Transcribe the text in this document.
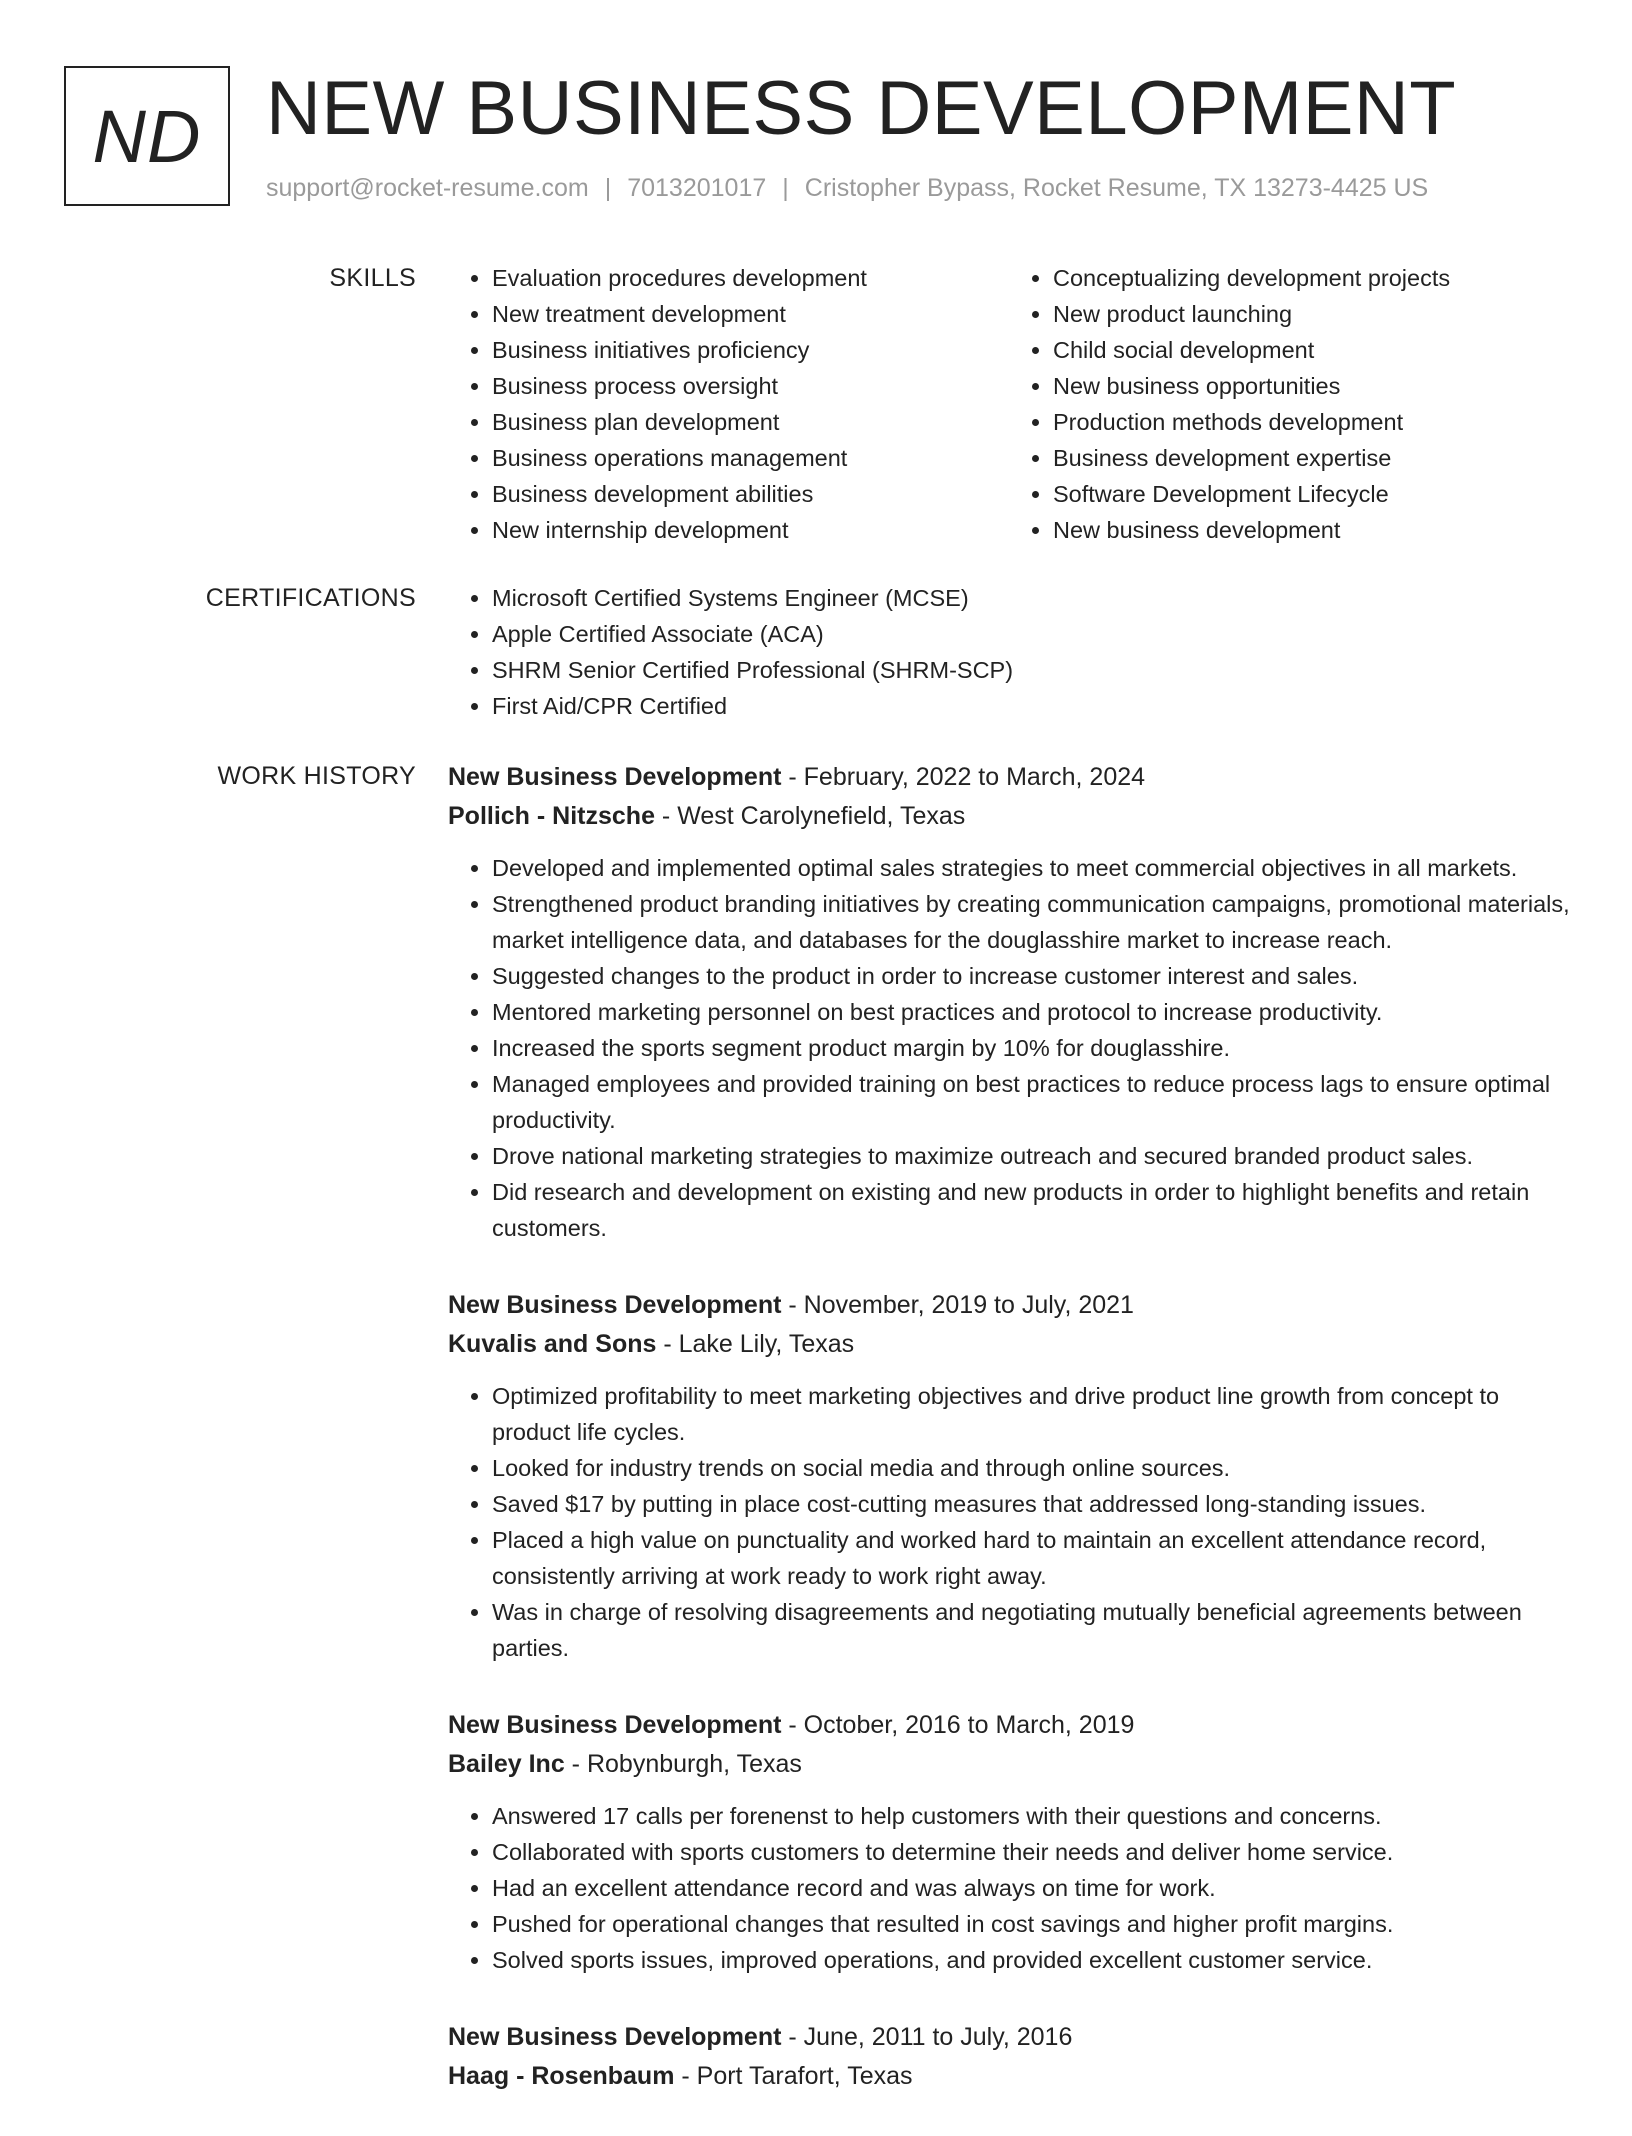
ND NEW BUSINESS DEVELOPMENT
support@rocket-resume.com | 7013201017 | Cristopher Bypass, Rocket Resume, TX 13273-4425 US
SKILLS	• Evaluation procedures development
• New treatment development
• Business initiatives proficiency
• Business process oversight
• Business plan development
• Business operations management
• Business development abilities
• New internship development
• Conceptualizing development projects
• New product launching
• Child social development
• New business opportunities
• Production methods development
• Business development expertise
• Software Development Lifecycle
• New business development
CERTIFICATIONS	• Microsoft Certified Systems Engineer (MCSE)
• Apple Certified Associate (ACA)
• SHRM Senior Certified Professional (SHRM-SCP)
• First Aid/CPR Certified
WORK HISTORY New Business Development - February, 2022 to March, 2024
Pollich - Nitzsche - West Carolynefield, Texas
• Developed and implemented optimal sales strategies to meet commercial objectives in all markets.
• Strengthened product branding initiatives by creating communication campaigns, promotional materials, market intelligence data, and databases for the douglasshire market to increase reach.
• Suggested changes to the product in order to increase customer interest and sales.
• Mentored marketing personnel on best practices and protocol to increase productivity.
• Increased the sports segment product margin by 10% for douglasshire.
• Managed employees and provided training on best practices to reduce process lags to ensure optimal productivity.
• Drove national marketing strategies to maximize outreach and secured branded product sales.
• Did research and development on existing and new products in order to highlight benefits and retain customers.
New Business Development - November, 2019 to July, 2021
Kuvalis and Sons - Lake Lily, Texas
• Optimized profitability to meet marketing objectives and drive product line growth from concept to product life cycles.
• Looked for industry trends on social media and through online sources.
• Saved $17 by putting in place cost-cutting measures that addressed long-standing issues.
• Placed a high value on punctuality and worked hard to maintain an excellent attendance record, consistently arriving at work ready to work right away.
• Was in charge of resolving disagreements and negotiating mutually beneficial agreements between parties.
New Business Development - October, 2016 to March, 2019
Bailey Inc - Robynburgh, Texas
• Answered 17 calls per forenenst to help customers with their questions and concerns.
• Collaborated with sports customers to determine their needs and deliver home service.
• Had an excellent attendance record and was always on time for work.
• Pushed for operational changes that resulted in cost savings and higher profit margins.
• Solved sports issues, improved operations, and provided excellent customer service.
New Business Development - June, 2011 to July, 2016
Haag - Rosenbaum - Port Tarafort, Texas
